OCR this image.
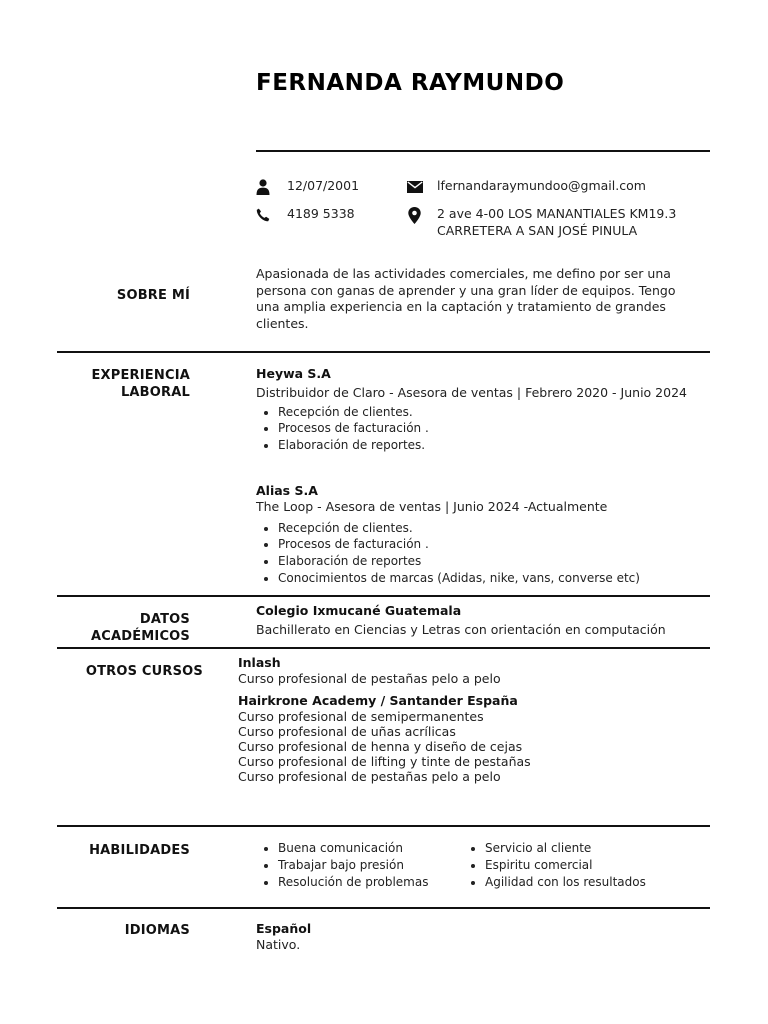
FERNANDA RAYMUNDO
12/07/2001
4189 5338
lfernandaraymundoo@gmail.com
2 ave 4-00 LOS MANANTIALES KM19.3
CARRETERA A SAN JOSÉ PINULA
SOBRE MÍ
Apasionada de las actividades comerciales, me defino por ser una persona con ganas de aprender y una gran líder de equipos. Tengo una amplia experiencia en la captación y tratamiento de grandes clientes.
EXPERIENCIA
LABORAL
Heywa S.A
Distribuidor de Claro - Asesora de ventas | Febrero 2020 - Junio 2024
Recepción de clientes.
Procesos de facturación .
Elaboración de reportes.
Alias S.A
The Loop - Asesora de ventas | Junio 2024 -Actualmente
Recepción de clientes.
Procesos de facturación .
Elaboración de reportes
Conocimientos de marcas (Adidas, nike, vans, converse etc)
DATOS
ACADÉMICOS
Colegio Ixmucané Guatemala
Bachillerato en Ciencias y Letras con orientación en computación
OTROS CURSOS
Inlash
Curso profesional de pestañas pelo a pelo
Hairkrone Academy / Santander España
Curso profesional de semipermanentes
Curso profesional de uñas acrílicas
Curso profesional de henna y diseño de cejas
Curso profesional de lifting y tinte de pestañas
Curso profesional de pestañas pelo a pelo
HABILIDADES	Buena comunicación
Trabajar bajo presión
Resolución de problemas
Servicio al cliente
Espiritu comercial
Agilidad con los resultados
IDIOMAS	Español
Nativo.
